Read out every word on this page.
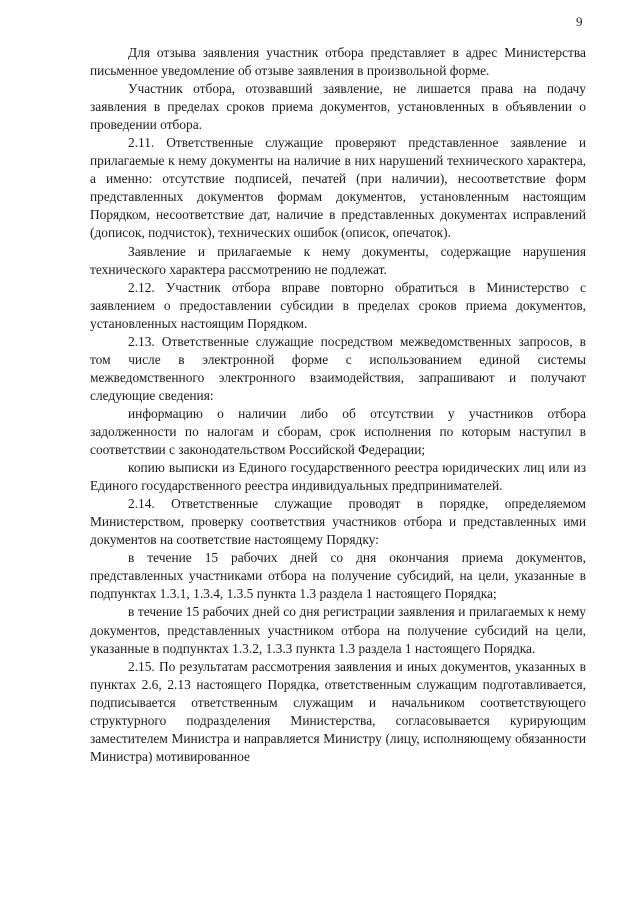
9

Для отзыва заявления участник отбора представляет в адрес Министерства письменное уведомление об отзыве заявления в произвольной форме.

Участник отбора, отозвавший заявление, не лишается права на подачу заявления в пределах сроков приема документов, установленных в объявлении о проведении отбора.

2.11. Ответственные служащие проверяют представленное заявление и прилагаемые к нему документы на наличие в них нарушений технического характера, а именно: отсутствие подписей, печатей (при наличии), несоответствие форм представленных документов формам документов, установленным настоящим Порядком, несоответствие дат, наличие в представленных документах исправлений (дописок, подчисток), технических ошибок (описок, опечаток).

Заявление и прилагаемые к нему документы, содержащие нарушения технического характера рассмотрению не подлежат.

2.12. Участник отбора вправе повторно обратиться в Министерство с заявлением о предоставлении субсидии в пределах сроков приема документов, установленных настоящим Порядком.

2.13. Ответственные служащие посредством межведомственных запросов, в том числе в электронной форме с использованием единой системы межведомственного электронного взаимодействия, запрашивают и получают следующие сведения:

информацию о наличии либо об отсутствии у участников отбора задолженности по налогам и сборам, срок исполнения по которым наступил в соответствии с законодательством Российской Федерации;

копию выписки из Единого государственного реестра юридических лиц или из Единого государственного реестра индивидуальных предпринимателей.

2.14. Ответственные служащие проводят в порядке, определяемом Министерством, проверку соответствия участников отбора и представленных ими документов на соответствие настоящему Порядку:

в течение 15 рабочих дней со дня окончания приема документов, представленных участниками отбора на получение субсидий, на цели, указанные в подпунктах 1.3.1, 1.3.4, 1.3.5 пункта 1.3 раздела 1 настоящего Порядка;

в течение 15 рабочих дней со дня регистрации заявления и прилагаемых к нему документов, представленных участником отбора на получение субсидий на цели, указанные в подпунктах 1.3.2, 1.3.3 пункта 1.3 раздела 1 настоящего Порядка.

2.15. По результатам рассмотрения заявления и иных документов, указанных в пунктах 2.6, 2.13 настоящего Порядка, ответственным служащим подготавливается, подписывается ответственным служащим и начальником соответствующего структурного подразделения Министерства, согласовывается курирующим заместителем Министра и направляется Министру (лицу, исполняющему обязанности Министра) мотивированное
